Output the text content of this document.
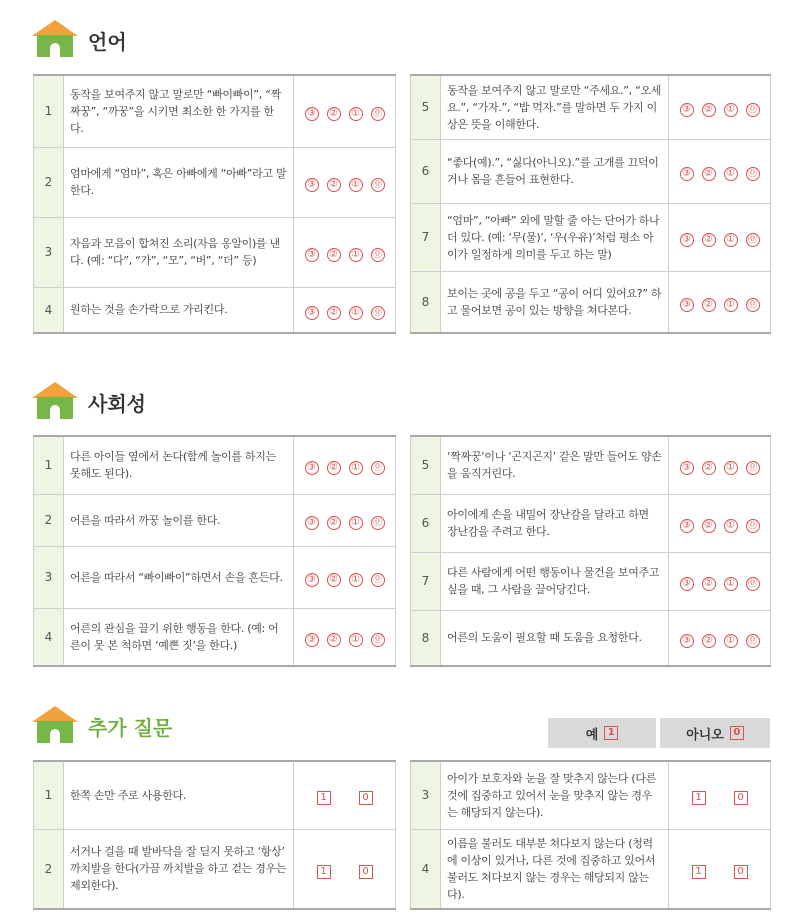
언어
1	동작을 보여주지 않고 말로만 “빠이빠이”, “짝짜꿍”, “까꿍”을 시키면 최소한 한 가지를 한다.	③ ② ① ⓪
2	엄마에게 “엄마”, 혹은 아빠에게 “아빠”라고 말한다.	③ ② ① ⓪
3	자음과 모음이 합쳐진 소리(자음 옹알이)를 낸다. (예: “다”, “가”, “모”, “버”, “더” 등)	③ ② ① ⓪
4	원하는 것을 손가락으로 가리킨다.	③ ② ① ⓪
5	동작을 보여주지 않고 말로만 “주세요.”, “오세요.”, “가자.”, “밥 먹자.”를 말하면 두 가지 이상은 뜻을 이해한다.	③ ② ① ⓪
6	“좋다(예).”, “싫다(아니오).”를 고개를 끄덕이거나 몸을 흔들어 표현한다.	③ ② ① ⓪
7	“엄마”, “아빠” 외에 말할 줄 아는 단어가 하나 더 있다. (예: ‘무(물)’, ‘우(우유)’처럼 평소 아이가 일정하게 의미를 두고 하는 말)	③ ② ① ⓪
8	보이는 곳에 공을 두고 “공이 어디 있어요?” 하고 물어보면 공이 있는 방향을 쳐다본다.	③ ② ① ⓪
사회성
1	다른 아이들 옆에서 논다(함께 놀이를 하지는 못해도 된다).	③ ② ① ⓪
2	어른을 따라서 까꿍 놀이를 한다.	③ ② ① ⓪
3	어른을 따라서 “빠이빠이”하면서 손을 흔든다.	③ ② ① ⓪
4	어른의 관심을 끌기 위한 행동을 한다. (예: 어른이 못 본 척하면 ‘예쁜 짓’을 한다.)	③ ② ① ⓪
5	‘짝짜꿍’이나 ‘곤지곤지’ 같은 말만 들어도 양손을 움직거린다.	③ ② ① ⓪
6	아이에게 손을 내밀어 장난감을 달라고 하면 장난감을 주려고 한다.	③ ② ① ⓪
7	다른 사람에게 어떤 행동이나 물건을 보여주고 싶을 때, 그 사람을 끌어당긴다.	③ ② ① ⓪
8	어른의 도움이 필요할 때 도움을 요청한다.	③ ② ① ⓪
추가 질문	예 1	아니오 0
1	한쪽 손만 주로 사용한다.	1 0
2	서거나 걸을 때 발바닥을 잘 딛지 못하고 ‘항상’ 까치발을 한다(가끔 까치발을 하고 걷는 경우는 제외한다).	1 0
3	아이가 보호자와 눈을 잘 맞추지 않는다 (다른 것에 집중하고 있어서 눈을 맞추지 않는 경우는 해당되지 않는다).	1 0
4	이름을 불러도 대부분 쳐다보지 않는다 (청력에 이상이 있거나, 다른 것에 집중하고 있어서 불러도 쳐다보지 않는 경우는 해당되지 않는다).	1 0
